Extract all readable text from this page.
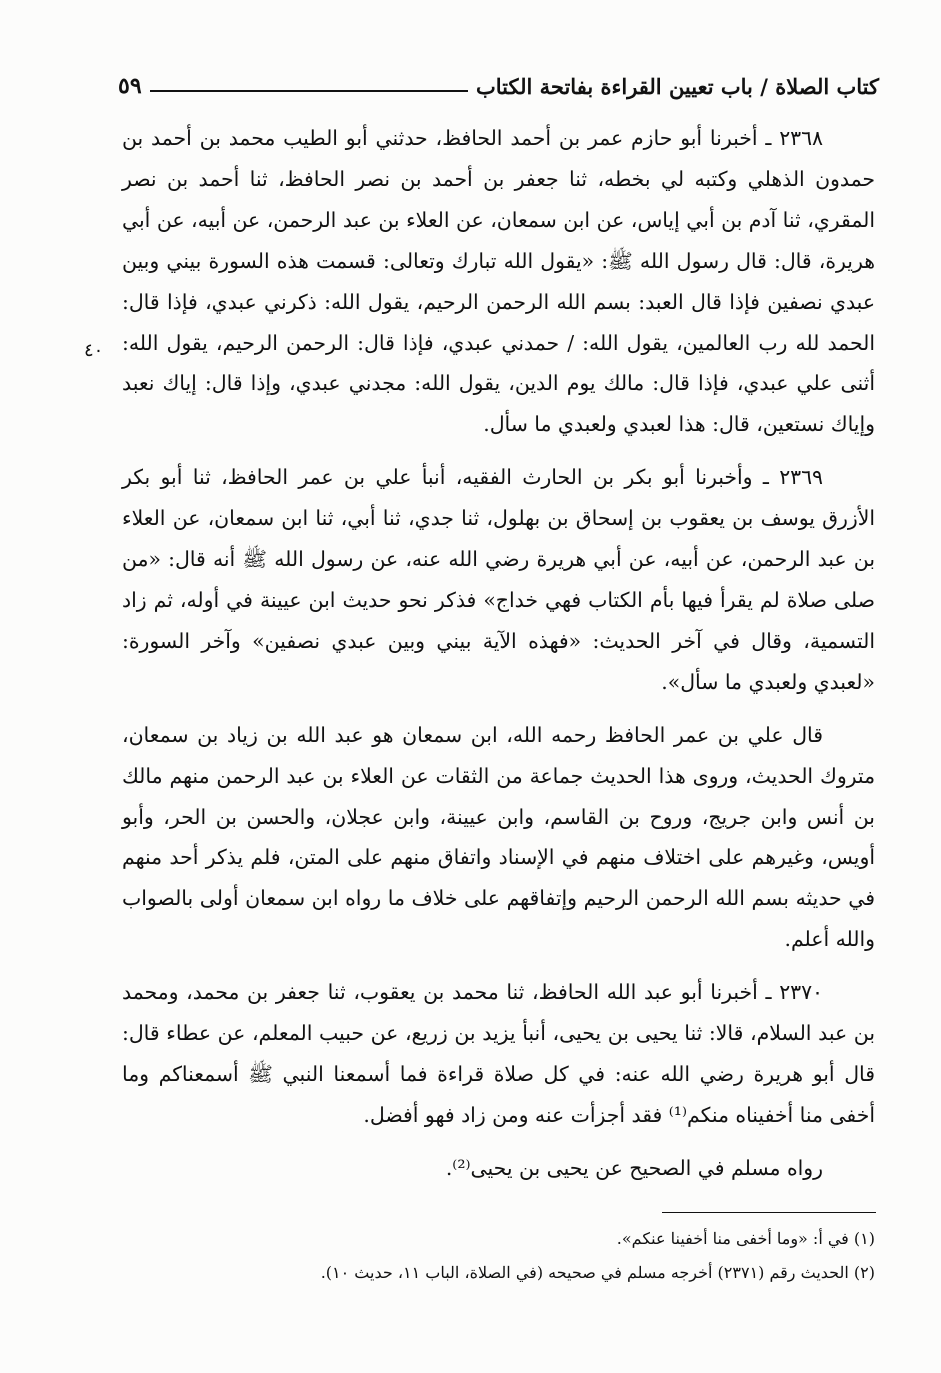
كتاب الصلاة / باب تعيين القراءة بفاتحة الكتاب
٥٩
٤٠

٢٣٦٨ ـ أخبرنا أبو حازم عمر بن أحمد الحافظ، حدثني أبو الطيب محمد بن أحمد بن حمدون الذهلي وكتبه لي بخطه، ثنا جعفر بن أحمد بن نصر الحافظ، ثنا أحمد بن نصر المقري، ثنا آدم بن أبي إياس، عن ابن سمعان، عن العلاء بن عبد الرحمن، عن أبيه، عن أبي هريرة، قال: قال رسول الله ﷺ: «يقول الله تبارك وتعالى: قسمت هذه السورة بيني وبين عبدي نصفين فإذا قال العبد: بسم الله الرحمن الرحيم، يقول الله: ذكرني عبدي، فإذا قال: الحمد لله رب العالمين، يقول الله: / حمدني عبدي، فإذا قال: الرحمن الرحيم، يقول الله: أثنى علي عبدي، فإذا قال: مالك يوم الدين، يقول الله: مجدني عبدي، وإذا قال: إياك نعبد وإياك نستعين، قال: هذا لعبدي ولعبدي ما سأل.

٢٣٦٩ ـ وأخبرنا أبو بكر بن الحارث الفقيه، أنبأ علي بن عمر الحافظ، ثنا أبو بكر الأزرق يوسف بن يعقوب بن إسحاق بن بهلول، ثنا جدي، ثنا أبي، ثنا ابن سمعان، عن العلاء بن عبد الرحمن، عن أبيه، عن أبي هريرة رضي الله عنه، عن رسول الله ﷺ أنه قال: «من صلى صلاة لم يقرأ فيها بأم الكتاب فهي خداج» فذكر نحو حديث ابن عيينة في أوله، ثم زاد التسمية، وقال في آخر الحديث: «فهذه الآية بيني وبين عبدي نصفين» وآخر السورة: «لعبدي ولعبدي ما سأل».

قال علي بن عمر الحافظ رحمه الله، ابن سمعان هو عبد الله بن زياد بن سمعان، متروك الحديث، وروى هذا الحديث جماعة من الثقات عن العلاء بن عبد الرحمن منهم مالك بن أنس وابن جريج، وروح بن القاسم، وابن عيينة، وابن عجلان، والحسن بن الحر، وأبو أويس، وغيرهم على اختلاف منهم في الإسناد واتفاق منهم على المتن، فلم يذكر أحد منهم في حديثه بسم الله الرحمن الرحيم وإتفاقهم على خلاف ما رواه ابن سمعان أولى بالصواب والله أعلم.

٢٣٧٠ ـ أخبرنا أبو عبد الله الحافظ، ثنا محمد بن يعقوب، ثنا جعفر بن محمد، ومحمد بن عبد السلام، قالا: ثنا يحيى بن يحيى، أنبأ يزيد بن زريع، عن حبيب المعلم، عن عطاء قال: قال أبو هريرة رضي الله عنه: في كل صلاة قراءة فما أسمعنا النبي ﷺ أسمعناكم وما أخفى منا أخفيناه منكم⁽¹⁾ فقد أجزأت عنه ومن زاد فهو أفضل.

رواه مسلم في الصحيح عن يحيى بن يحيى⁽²⁾.

(١) في أ: «وما أخفى منا أخفينا عنكم».

(٢) الحديث رقم (٢٣٧١) أخرجه مسلم في صحيحه (في الصلاة، الباب ١١، حديث ١٠).
